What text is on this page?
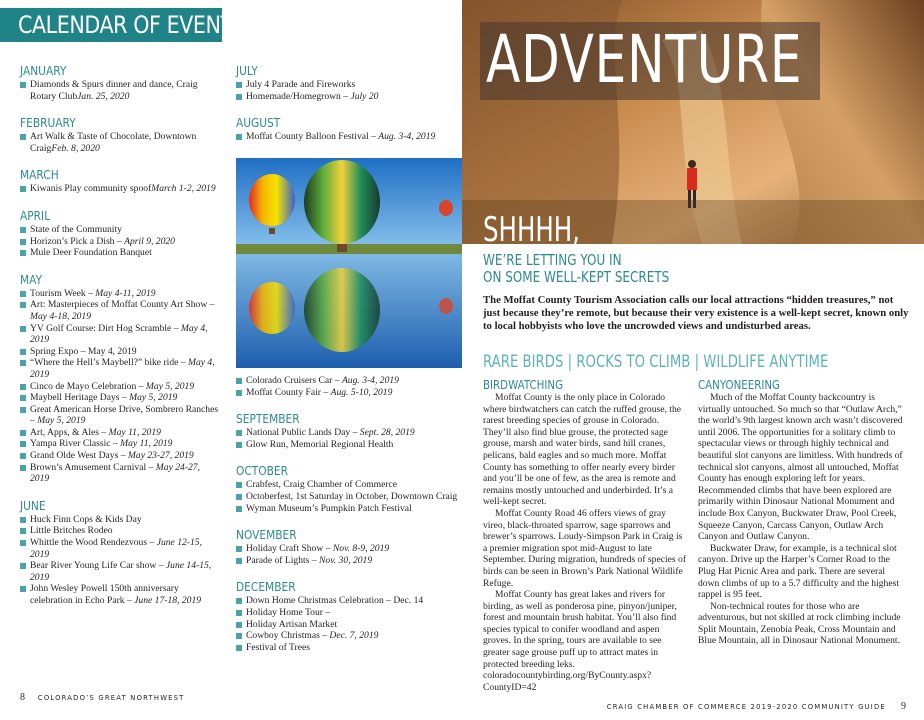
CALENDAR OF EVENTS
JANUARY
Diamonds & Spurs dinner and dance, Craig Rotary ClubJan. 25, 2020
FEBRUARY
Art Walk & Taste of Chocolate, Downtown CraigFeb. 8, 2020
MARCH
Kiwanis Play community spoofMarch 1-2, 2019
APRIL
State of the Community
Horizon’s Pick a Dish – April 9, 2020
Mule Deer Foundation Banquet
MAY
Tourism Week – May 4-11, 2019
Art: Masterpieces of Moffat County Art Show – May 4-18, 2019
YV Golf Course: Dirt Hog Scramble – May 4, 2019
Spring Expo – May 4, 2019
“Where the Hell’s Maybell?” bike ride – May 4, 2019
Cinco de Mayo Celebration – May 5, 2019
Maybell Heritage Days – May 5, 2019
Great American Horse Drive, Sombrero Ranches – May 5, 2019
Art, Apps, & Ales – May 11, 2019
Yampa River Classic – May 11, 2019
Grand Olde West Days – May 23-27, 2019
Brown’s Amusement Carnival – May 24-27, 2019
JUNE
Huck Finn Cops & Kids Day
Little Britches Rodeo
Whittle the Wood Rendezvous – June 12-15, 2019
Bear River Young Life Car show – June 14-15, 2019
John Wesley Powell 150th anniversary celebration in Echo Park – June 17-18, 2019
JULY
July 4 Parade and Fireworks
Homemade/Homegrown – July 20
AUGUST
Moffat County Balloon Festival – Aug. 3-4, 2019
Colorado Cruisers Car – Aug. 3-4, 2019
Moffat County Fair – Aug. 5-10, 2019
SEPTEMBER
National Public Lands Day – Sept. 28, 2019
Glow Run, Memorial Regional Health
OCTOBER
Crabfest, Craig Chamber of Commerce
Octoberfest, 1st Saturday in October, Downtown Craig
Wyman Museum’s Pumpkin Patch Festival
NOVEMBER
Holiday Craft Show – Nov. 8-9, 2019
Parade of Lights – Nov. 30, 2019
DECEMBER
Down Home Christmas Celebration – Dec. 14
Holiday Home Tour –
Holiday Artisan Market
Cowboy Christmas – Dec. 7, 2019
Festival of Trees
8 COLORADO’S GREAT NORTHWEST
ADVENTURE
SHHHH,
WE’RE LETTING YOU IN
ON SOME WELL-KEPT SECRETS
The Moffat County Tourism Association calls our local attractions “hidden treasures,” not just because they’re remote, but because their very existence is a well-kept secret, known only to local hobbyists who love the uncrowded views and undisturbed areas.
RARE BIRDS | ROCKS TO CLIMB | WILDLIFE ANYTIME
BIRDWATCHING

Moffat County is the only place in Colorado where birdwatchers can catch the ruffed grouse, the rarest breeding species of grouse in Colorado. They’ll also find blue grouse, the protected sage grouse, marsh and water birds, sand hill cranes, pelicans, bald eagles and so much more. Moffat County has something to offer nearly every birder and you’ll be one of few, as the area is remote and remains mostly untouched and underbirded. It’s a well-kept secret.

Moffat County Road 46 offers views of gray vireo, black-throated sparrow, sage sparrows and brewer’s sparrows. Loudy-Simpson Park in Craig is a premier migration spot mid-August to late September. During migration, hundreds of species of birds can be seen in Brown’s Park National Wildlife Refuge.

Moffat County has great lakes and rivers for birding, as well as ponderosa pine, pinyon/juniper, forest and mountain brush habitat. You’ll also find species typical to conifer woodland and aspen groves. In the spring, tours are available to see greater sage grouse puff up to attract mates in protected breeding leks. coloradocountybirding.org/ByCounty.aspx?CountyID=42

CANYONEERING

Much of the Moffat County backcountry is virtually untouched. So much so that “Outlaw Arch,” the world’s 9th largest known arch wasn’t discovered until 2006. The opportunities for a solitary climb to spectacular views or through highly technical and beautiful slot canyons are limitless. With hundreds of technical slot canyons, almost all untouched, Moffat County has enough exploring left for years. Recommended climbs that have been explored are primarily within Dinosaur National Monument and include Box Canyon, Buckwater Draw, Pool Creek, Squeeze Canyon, Carcass Canyon, Outlaw Arch Canyon and Outlaw Canyon.

Buckwater Draw, for example, is a technical slot canyon. Drive up the Harper’s Corner Road to the Plug Hat Picnic Area and park. There are several down climbs of up to a 5.7 difficulty and the highest rappel is 95 feet.

Non-technical routes for those who are adventurous, but not skilled at rock climbing include Split Mountain, Zenobia Peak, Cross Mountain and Blue Mountain, all in Dinosaur National Monument.

CRAIG CHAMBER OF COMMERCE 2019-2020 COMMUNITY GUIDE 9
